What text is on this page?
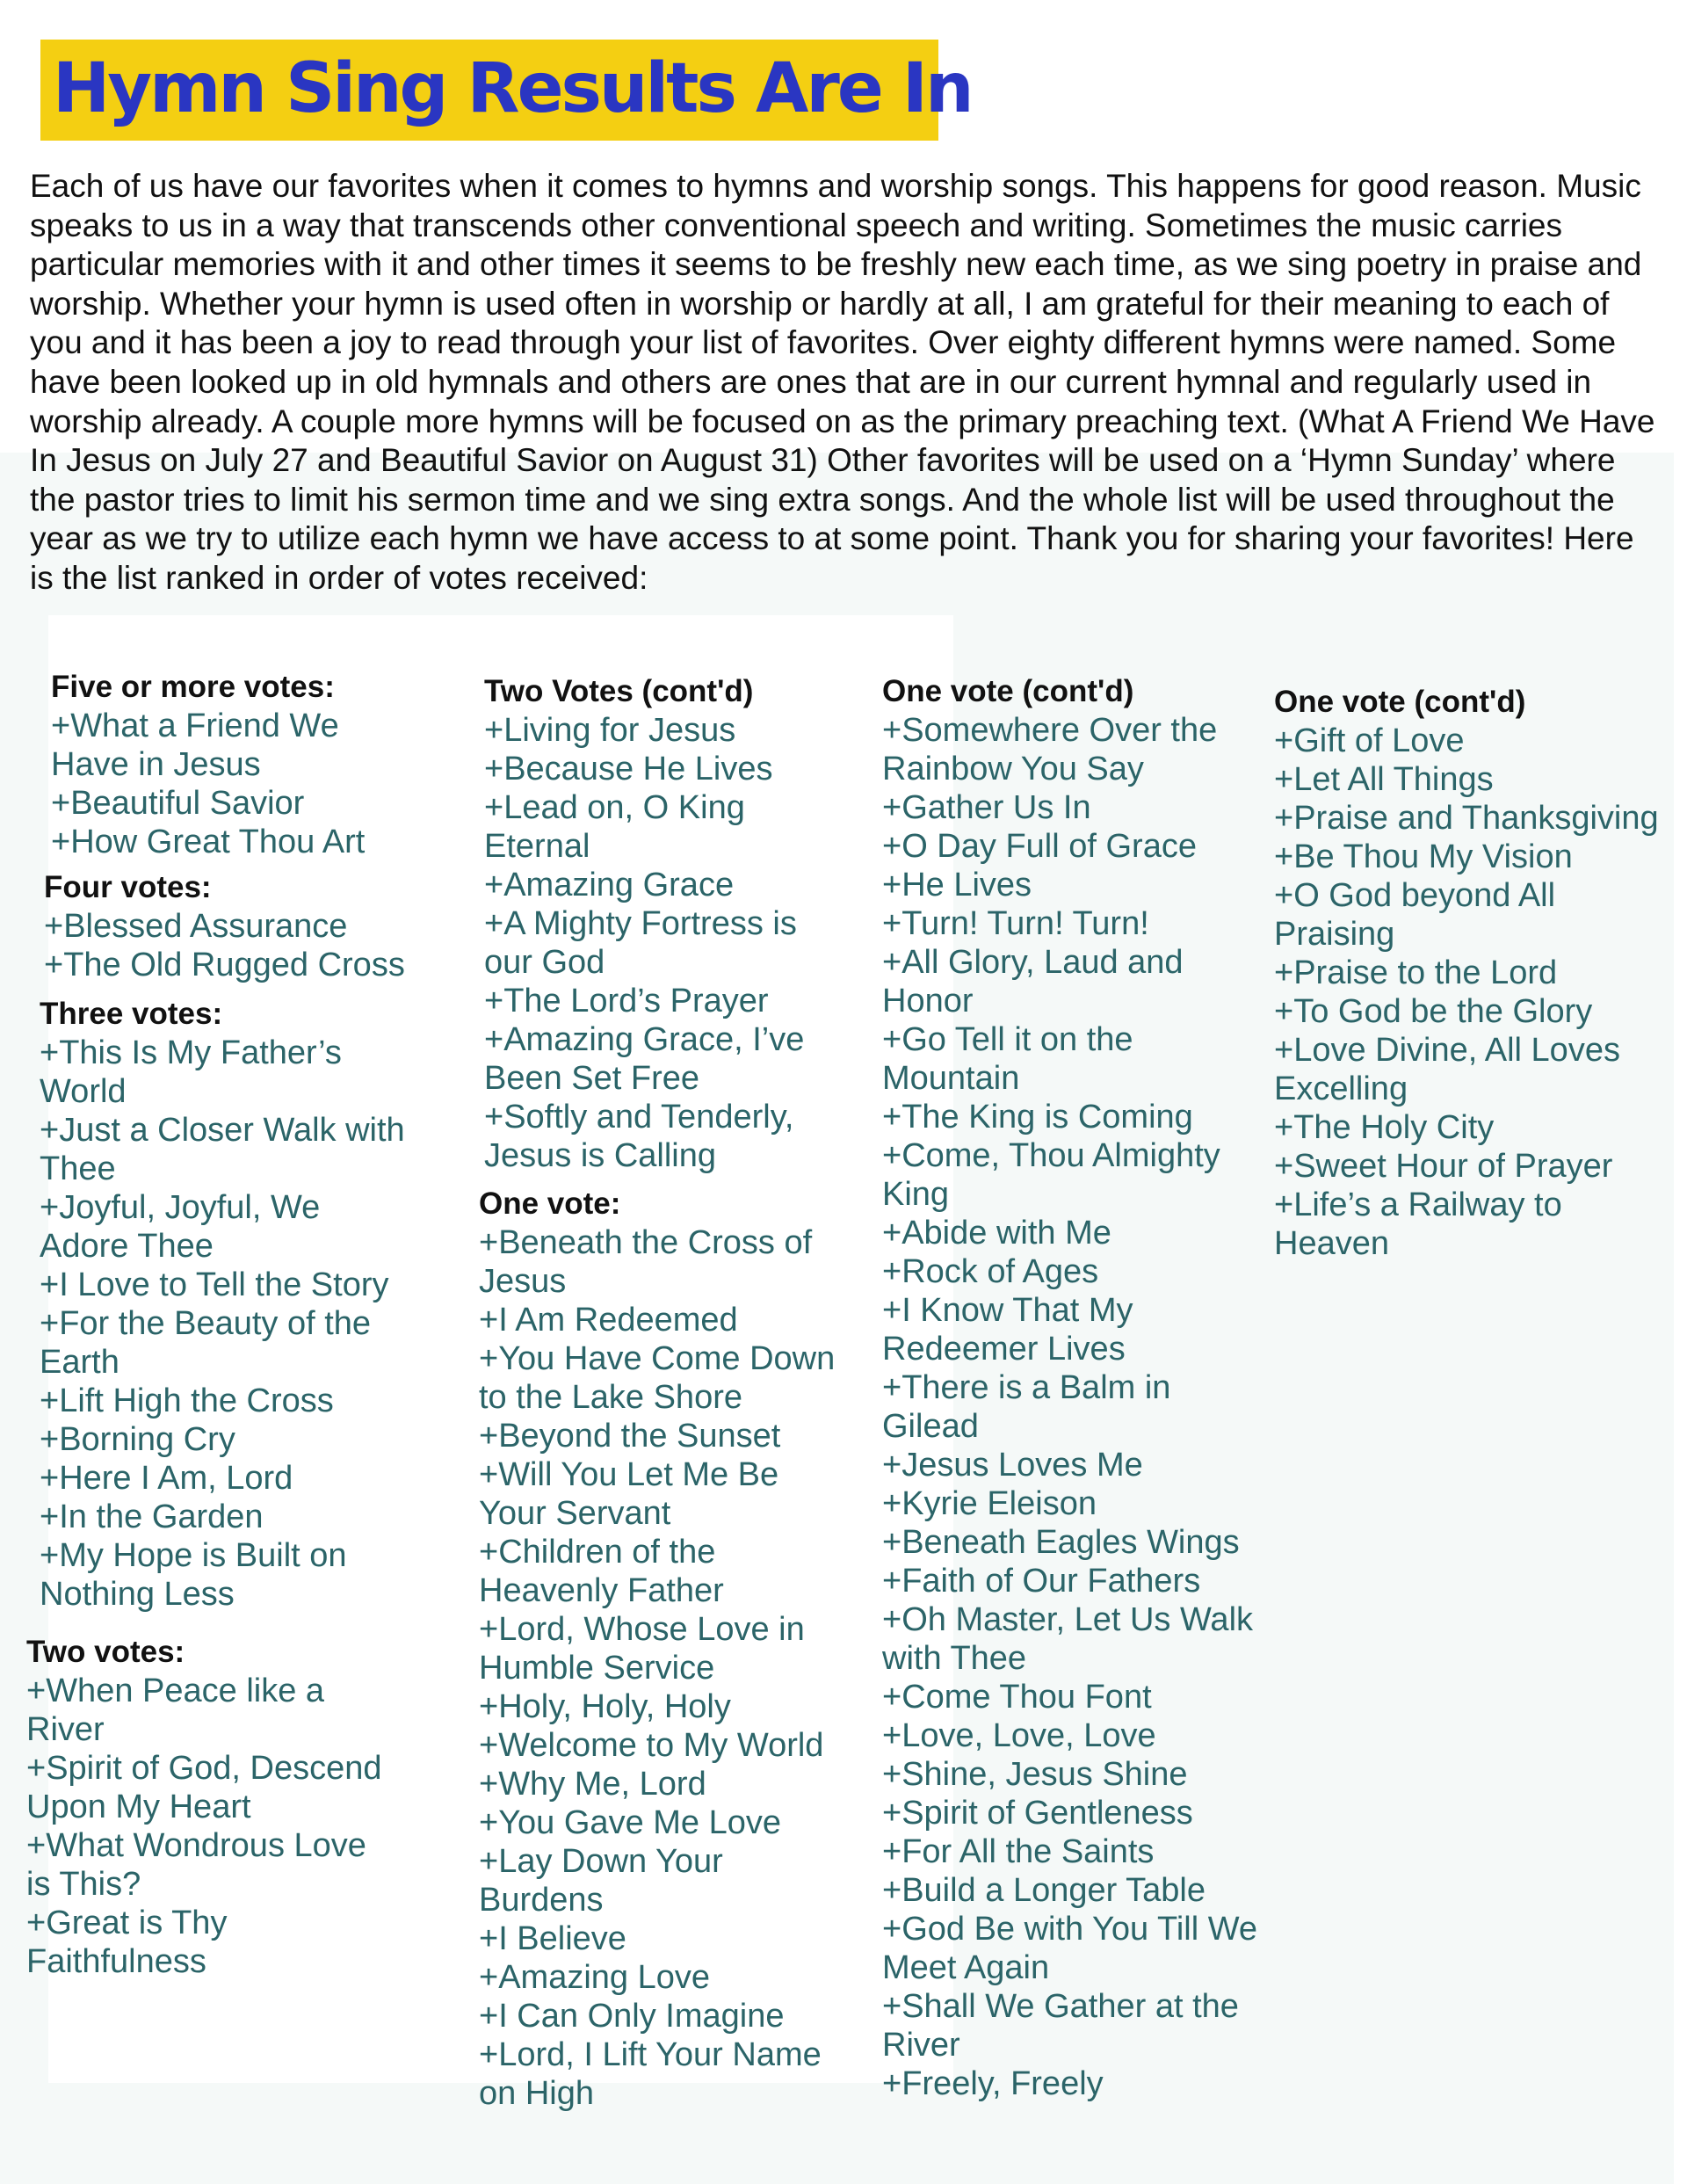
Hymn Sing Results Are In

Each of us have our favorites when it comes to hymns and worship songs. This happens for good reason. Music speaks to us in a way that transcends other conventional speech and writing. Sometimes the music carries particular memories with it and other times it seems to be freshly new each time, as we sing poetry in praise and worship. Whether your hymn is used often in worship or hardly at all, I am grateful for their meaning to each of you and it has been a joy to read through your list of favorites. Over eighty different hymns were named. Some have been looked up in old hymnals and others are ones that are in our current hymnal and regularly used in worship already. A couple more hymns will be focused on as the primary preaching text. (What A Friend We Have In Jesus on July 27 and Beautiful Savior on August 31) Other favorites will be used on a ‘Hymn Sunday’ where the pastor tries to limit his sermon time and we sing extra songs. And the whole list will be used throughout the year as we try to utilize each hymn we have access to at some point. Thank you for sharing your favorites! Here is the list ranked in order of votes received:

Five or more votes:
+What a Friend We Have in Jesus
+Beautiful Savior
+How Great Thou Art
Four votes:
+Blessed Assurance
+The Old Rugged Cross
Three votes:
+This Is My Father’s World
+Just a Closer Walk with Thee
+Joyful, Joyful, We Adore Thee
+I Love to Tell the Story
+For the Beauty of the Earth
+Lift High the Cross
+Borning Cry
+Here I Am, Lord
+In the Garden
+My Hope is Built on Nothing Less
Two votes:
+When Peace like a River
+Spirit of God, Descend Upon My Heart
+What Wondrous Love is This?
+Great is Thy Faithfulness
Two Votes (cont'd)
+Living for Jesus
+Because He Lives
+Lead on, O King Eternal
+Amazing Grace
+A Mighty Fortress is our God
+The Lord’s Prayer
+Amazing Grace, I’ve Been Set Free
+Softly and Tenderly, Jesus is Calling
One vote:
+Beneath the Cross of Jesus
+I Am Redeemed
+You Have Come Down to the Lake Shore
+Beyond the Sunset
+Will You Let Me Be Your Servant
+Children of the Heavenly Father
+Lord, Whose Love in Humble Service
+Holy, Holy, Holy
+Welcome to My World
+Why Me, Lord
+You Gave Me Love
+Lay Down Your Burdens
+I Believe
+Amazing Love
+I Can Only Imagine
+Lord, I Lift Your Name on High
One vote (cont'd)
+Somewhere Over the Rainbow You Say
+Gather Us In
+O Day Full of Grace
+He Lives
+Turn! Turn! Turn!
+All Glory, Laud and Honor
+Go Tell it on the Mountain
+The King is Coming
+Come, Thou Almighty King
+Abide with Me
+Rock of Ages
+I Know That My Redeemer Lives
+There is a Balm in Gilead
+Jesus Loves Me
+Kyrie Eleison
+Beneath Eagles Wings
+Faith of Our Fathers
+Oh Master, Let Us Walk with Thee
+Come Thou Font
+Love, Love, Love
+Shine, Jesus Shine
+Spirit of Gentleness
+For All the Saints
+Build a Longer Table
+God Be with You Till We Meet Again
+Shall We Gather at the River
+Freely, Freely
One vote (cont'd)
+Gift of Love
+Let All Things
+Praise and Thanksgiving
+Be Thou My Vision
+O God beyond All Praising
+Praise to the Lord
+To God be the Glory
+Love Divine, All Loves Excelling
+The Holy City
+Sweet Hour of Prayer
+Life’s a Railway to Heaven
